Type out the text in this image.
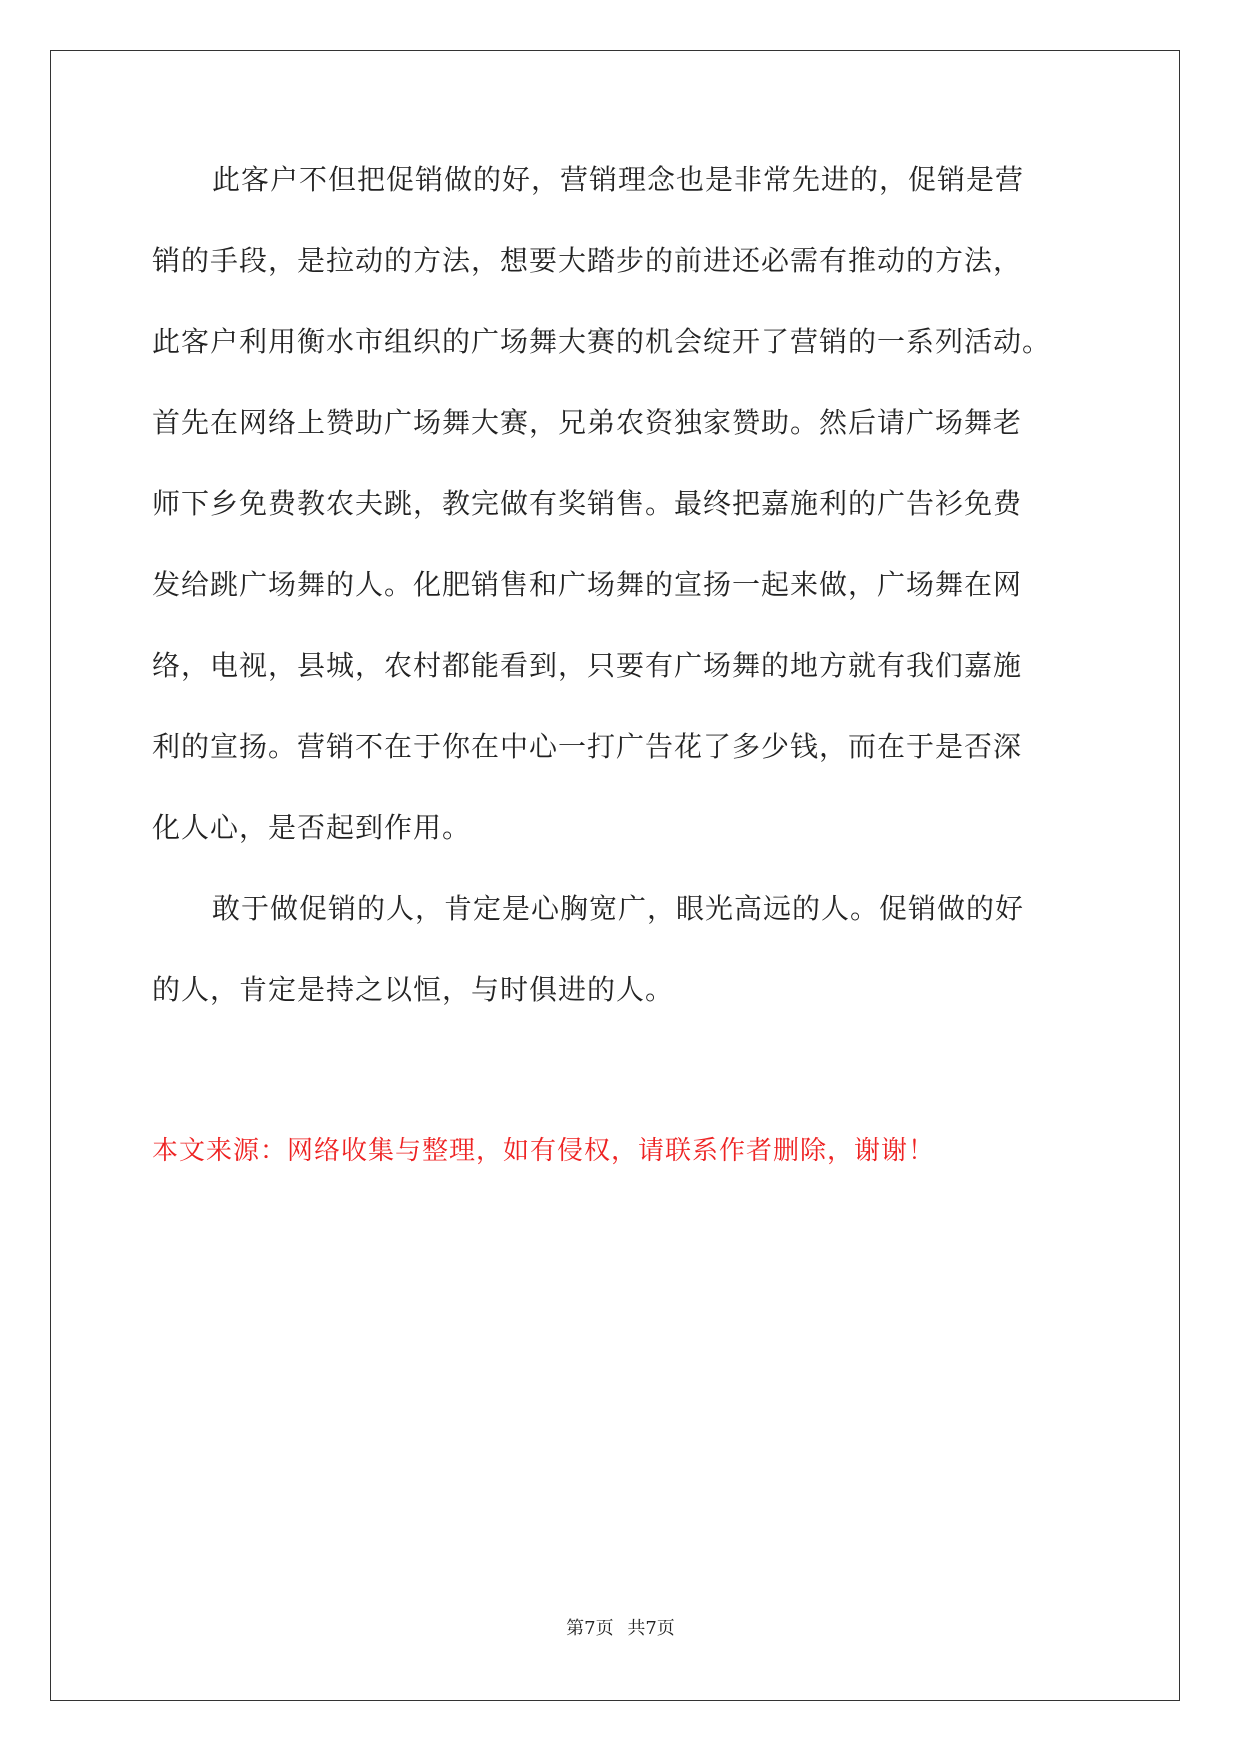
此客户不但把促销做的好，营销理念也是非常先进的，促销是营
销的手段，是拉动的方法，想要大踏步的前进还必需有推动的方法，
此客户利用衡水市组织的广场舞大赛的机会绽开了营销的一系列活动。
首先在网络上赞助广场舞大赛，兄弟农资独家赞助。然后请广场舞老
师下乡免费教农夫跳，教完做有奖销售。最终把嘉施利的广告衫免费
发给跳广场舞的人。化肥销售和广场舞的宣扬一起来做，广场舞在网
络，电视，县城，农村都能看到，只要有广场舞的地方就有我们嘉施
利的宣扬。营销不在于你在中心一打广告花了多少钱，而在于是否深
化人心，是否起到作用。
敢于做促销的人，肯定是心胸宽广，眼光高远的人。促销做的好
的人，肯定是持之以恒，与时俱进的人。
本文来源：网络收集与整理，如有侵权，请联系作者删除，谢谢！
第7页 共7页
